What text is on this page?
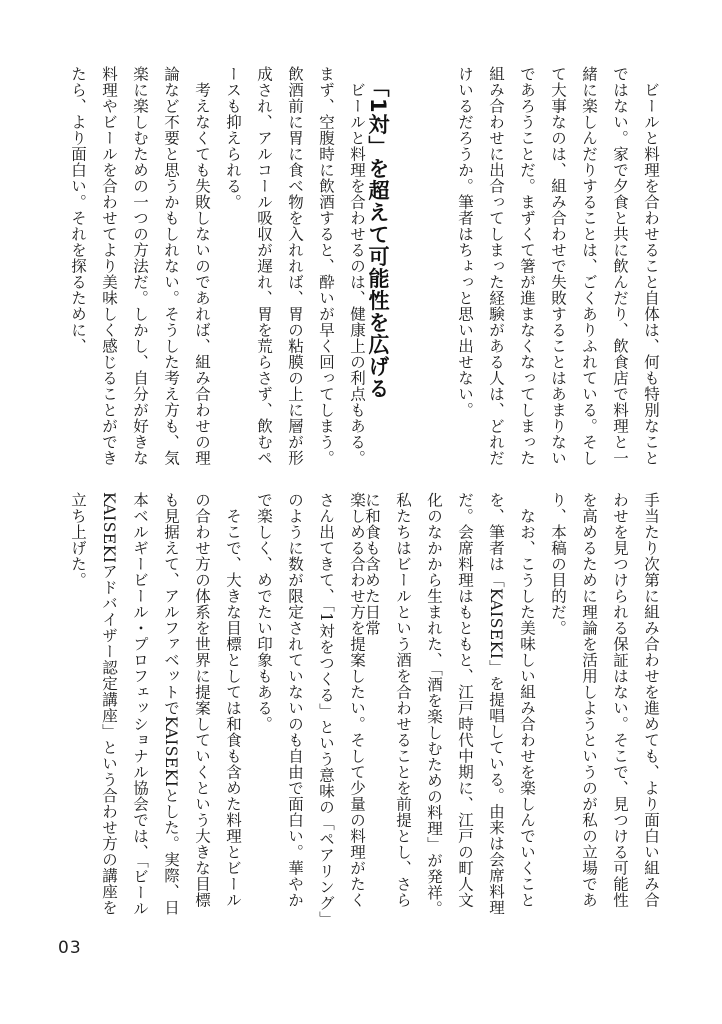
ビールと料理を合わせること自体は、何も特別なことではない。家で夕食と共に飲んだり、飲食店で料理と一緒に楽しんだりすることは、ごくありふれている。そして大事なのは、組み合わせで失敗することはあまりないであろうことだ。まずくて箸が進まなくなってしまった組み合わせに出合ってしまった経験がある人は、どれだけいるだろうか。筆者はちょっと思い出せない。

「1対」を超えて可能性を広げる

ビールと料理を合わせるのは、健康上の利点もある。まず、空腹時に飲酒すると、酔いが早く回ってしまう。飲酒前に胃に食べ物を入れれば、胃の粘膜の上に層が形成され、アルコール吸収が遅れ、胃を荒らさず、飲むペースも抑えられる。

考えなくても失敗しないのであれば、組み合わせの理論など不要と思うかもしれない。そうした考え方も、気楽に楽しむための一つの方法だ。しかし、自分が好きな料理やビールを合わせてより美味しく感じることができたら、より面白い。それを探るために、

手当たり次第に組み合わせを進めても、より面白い組み合わせを見つけられる保証はない。そこで、見つける可能性を高めるために理論を活用しようというのが私の立場であり、本稿の目的だ。

なお、こうした美味しい組み合わせを楽しんでいくことを、筆者は「KAISEKI」を提唱している。由来は会席料理だ。会席料理はもともと、江戸時代中期に、江戸の町人文化のなかから生まれた、「酒を楽しむための料理」が発祥。私たちはビールという酒を合わせることを前提とし、さらに和食も含めた日常

楽しめる合わせ方を提案したい。そして少量の料理がたくさん出てきて、「1対をつくる」という意味の「ペアリング」のように数が限定されていないのも自由で面白い。華やかで楽しく、めでたい印象もある。

そこで、大きな目標としては和食も含めた料理とビールの合わせ方の体系を世界に提案していくという大きな目標も見据えて、アルファベットでKAISEKIとした。実際、日本ベルギービール・プロフェッショナル協会では、「ビールKAISEKIアドバイザー認定講座」という合わせ方の講座を立ち上げた。

03
